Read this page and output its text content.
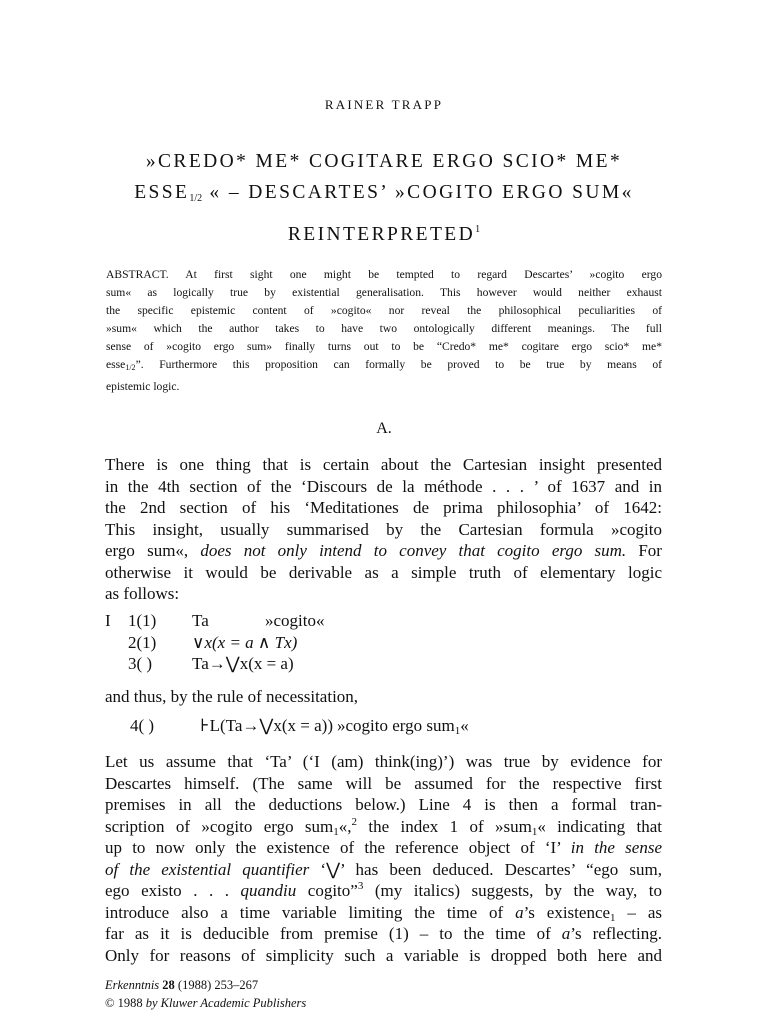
RAINER TRAPP
»CREDO* ME* COGITARE ERGO SCIO* ME*
$ESSE_{1/2}$ « – DESCARTES’ »COGITO ERGO SUM«
REINTERPRETED$^1$
ABSTRACT. At first sight one might be tempted to regard Descartes’ »cogito ergo
sum« as logically true by existential generalisation. This however would neither exhaust
the specific epistemic content of »cogito« nor reveal the philosophical peculiarities of
»sum« which the author takes to have two ontologically different meanings. The full
sense of »cogito ergo sum» finally turns out to be “Credo* me* cogitare ergo scio* me*
esse$_{1/2}$”. Furthermore this proposition can formally be proved to be true by means of
epistemic logic.
A.
There is one thing that is certain about the Cartesian insight presented
in the 4th section of the ‘Discours de la méthode . . . ’ of 1637 and in
the 2nd section of his ‘Meditationes de prima philosophia’ of 1642:
This insight, usually summarised by the Cartesian formula »cogito
ergo sum«, does not only intend to convey that cogito ergo sum. For
otherwise it would be derivable as a simple truth of elementary logic
as follows:
I 1(1) Ta	»cogito«
2(1) ∨x(x = a ∧ Tx)
3( ) Ta→⋁x(x = a)
and thus, by the rule of necessitation,
4( )	⊦L(Ta→⋁x(x = a)) »cogito ergo sum$_1$«
Let us assume that ‘Ta’ (‘I (am) think(ing)’) was true by evidence for
Descartes himself. (The same will be assumed for the respective first
premises in all the deductions below.) Line 4 is then a formal tran-
scription of »cogito ergo sum$_1$«,$^2$ the index 1 of »sum$_1$« indicating that
up to now only the existence of the reference object of ‘I’ in the sense
of the existential quantifier ‘⋁’ has been deduced. Descartes’ “ego sum,
ego existo . . . quandiu cogito”$^3$ (my italics) suggests, by the way, to
introduce also a time variable limiting the time of a’s existence$_1$ – as
far as it is deducible from premise (1) – to the time of a’s reflecting.
Only for reasons of simplicity such a variable is dropped both here and
Erkenntnis 28 (1988) 253–267
© 1988 by Kluwer Academic Publishers
